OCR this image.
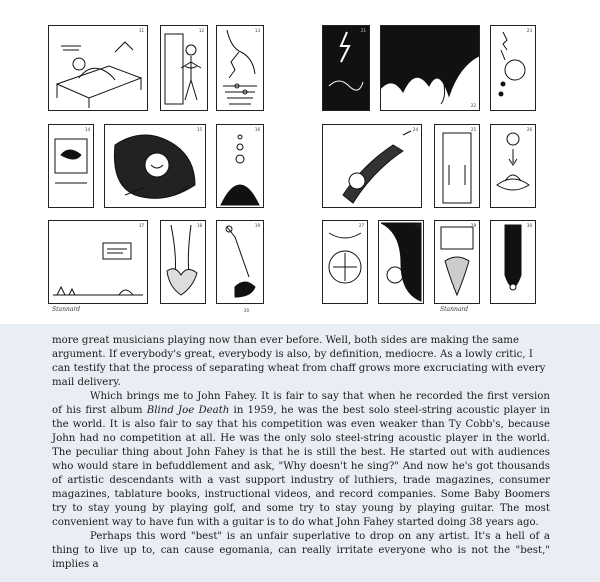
11	12	13
14	15	16
17	18	19
Stannard	20
21
22
23
24	25	26
27	28	29	30
Stannard

more great musicians playing now than ever before. Well, both sides are making the same argument. If everybody's great, everybody is also, by definition, mediocre. As a lowly critic, I can testify that the process of separating wheat from chaff grows more excruciating with every mail delivery.

Which brings me to John Fahey. It is fair to say that when he recorded the first version of his first album Blind Joe Death in 1959, he was the best solo steel-string acoustic player in the world. It is also fair to say that his competition was even weaker than Ty Cobb's, because John had no competition at all. He was the only solo steel-string acoustic player in the world. The peculiar thing about John Fahey is that he is still the best. He started out with audiences who would stare in befuddlement and ask, "Why doesn't he sing?" And now he's got thousands of artistic descendants with a vast support industry of luthiers, trade magazines, consumer magazines, tablature books, instructional videos, and record companies. Some Baby Boomers try to stay young by playing golf, and some try to stay young by playing guitar. The most convenient way to have fun with a guitar is to do what John Fahey started doing 38 years ago.

Perhaps this word "best" is an unfair superlative to drop on any artist. It's a hell of a thing to live up to, can cause egomania, can really irritate everyone who is not the "best," implies a
